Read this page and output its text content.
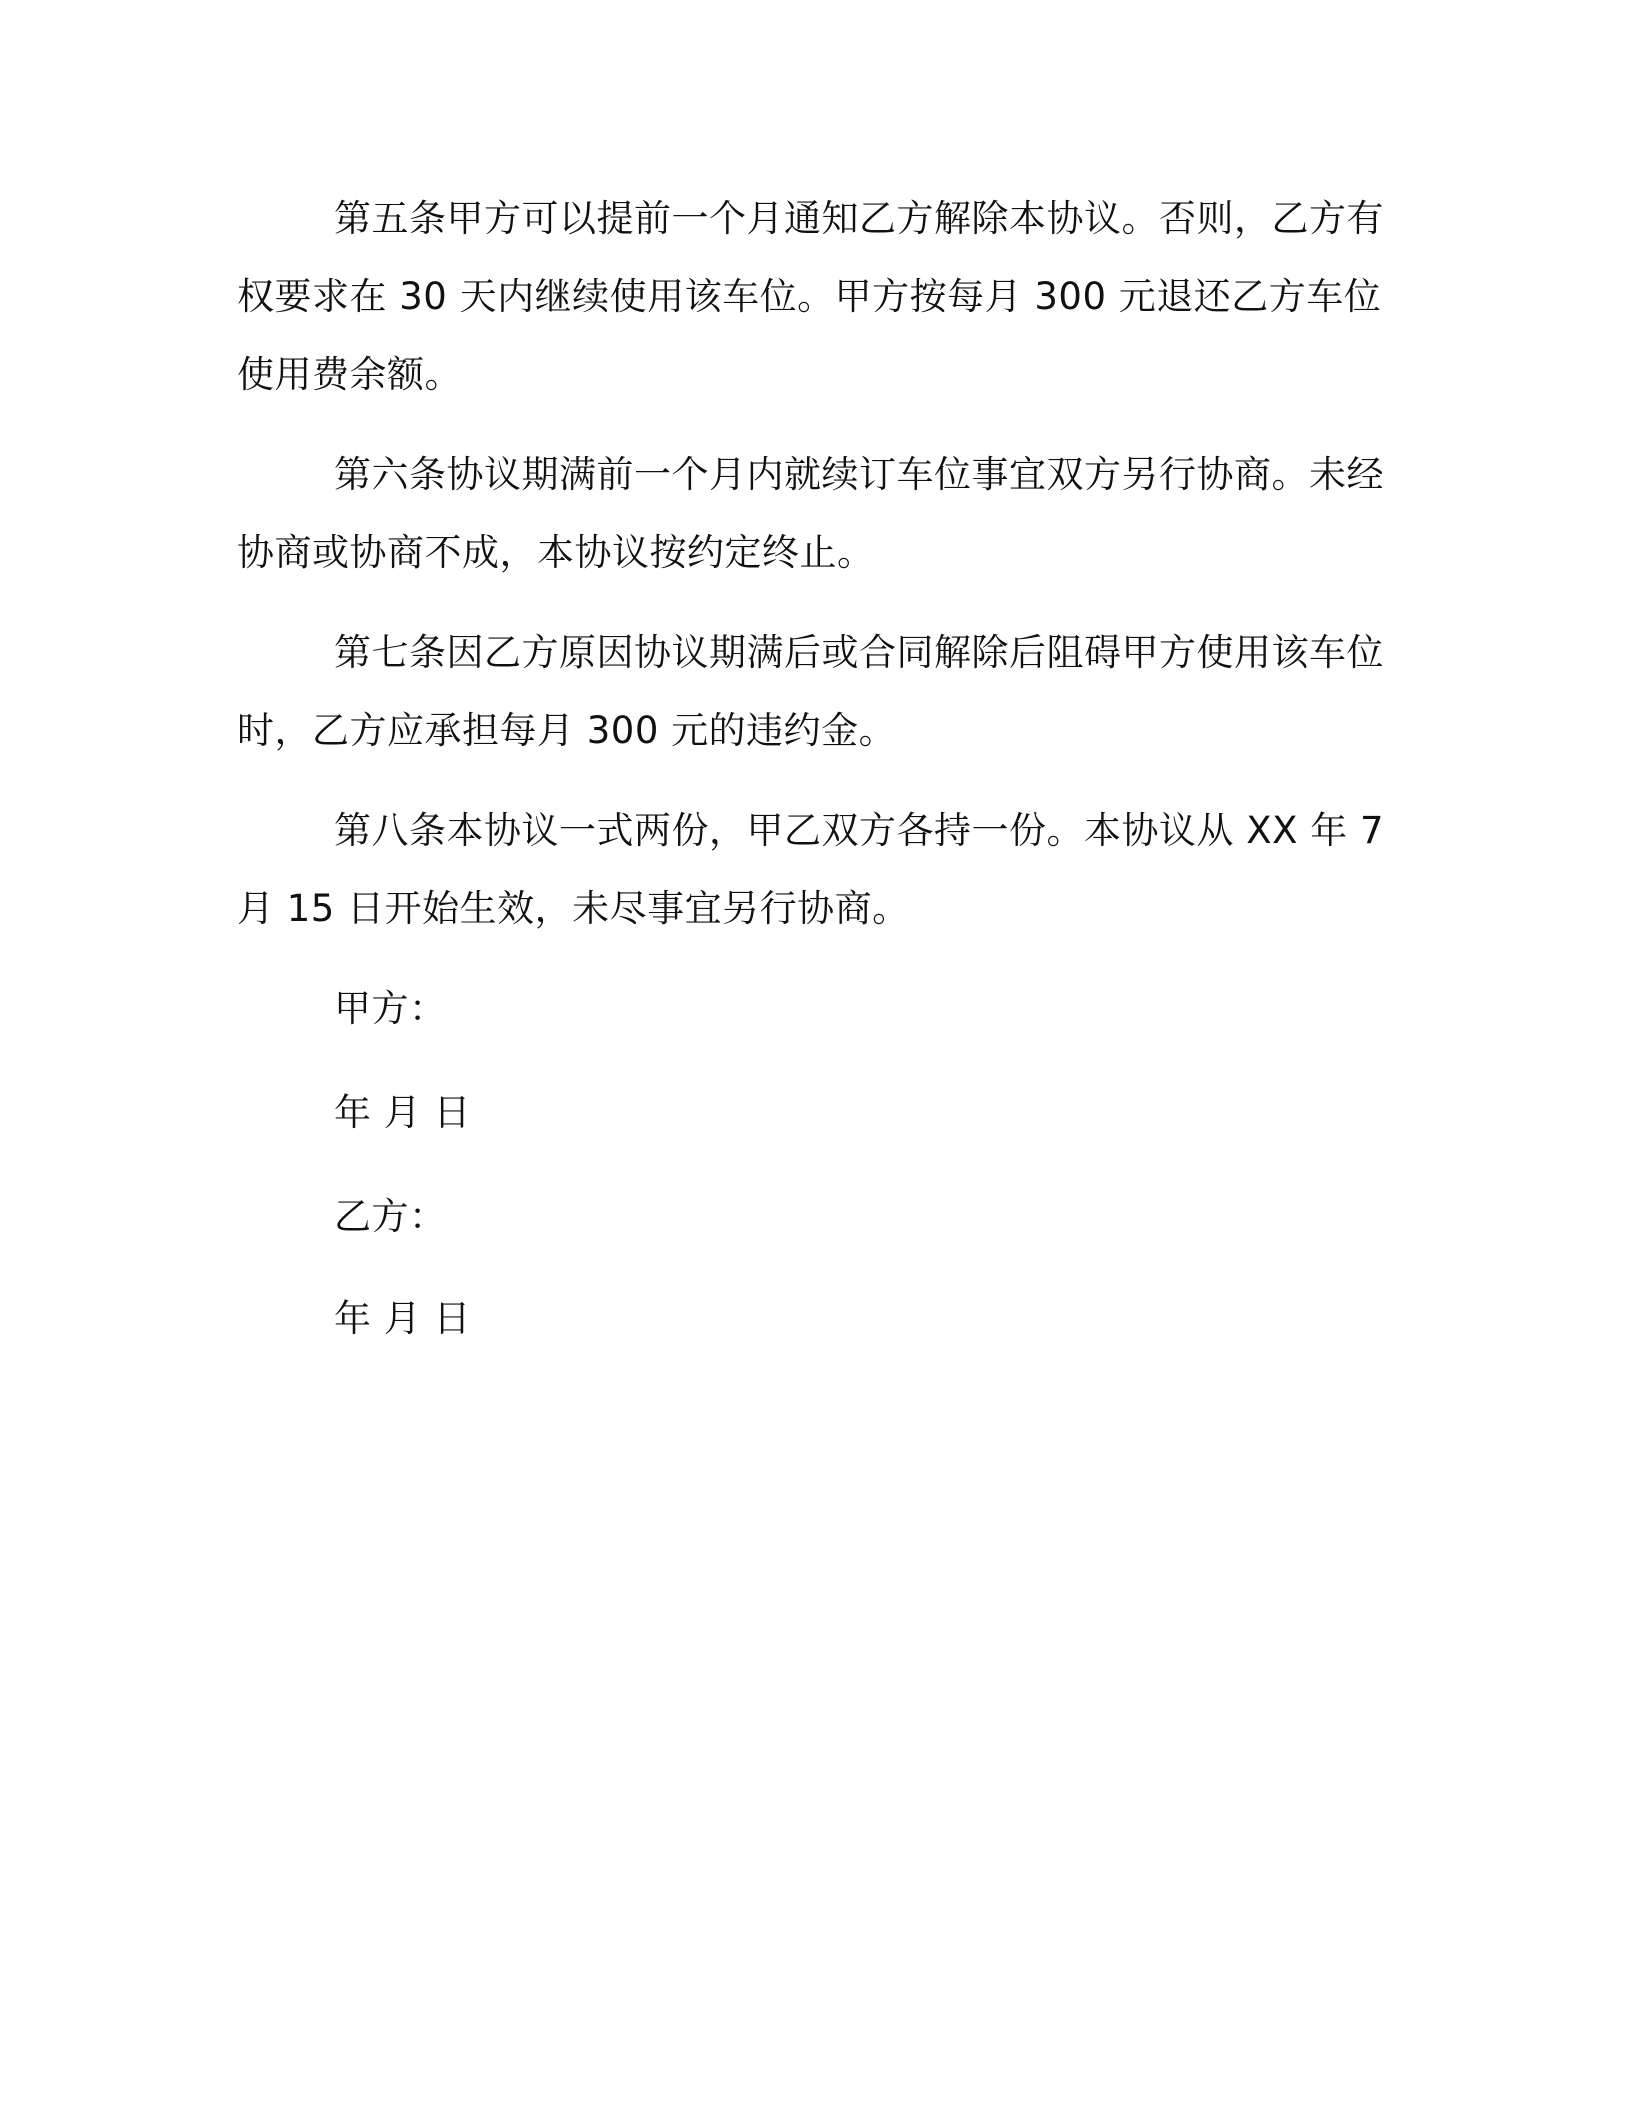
第五条甲方可以提前一个月通知乙方解除本协议。否则，乙方有权要求在 30 天内继续使用该车位。甲方按每月 300 元退还乙方车位使用费余额。

第六条协议期满前一个月内就续订车位事宜双方另行协商。未经协商或协商不成，本协议按约定终止。

第七条因乙方原因协议期满后或合同解除后阻碍甲方使用该车位时，乙方应承担每月 300 元的违约金。

第八条本协议一式两份，甲乙双方各持一份。本协议从 XX 年 7 月 15 日开始生效，未尽事宜另行协商。

甲方：

年 月 日

乙方：

年 月 日
